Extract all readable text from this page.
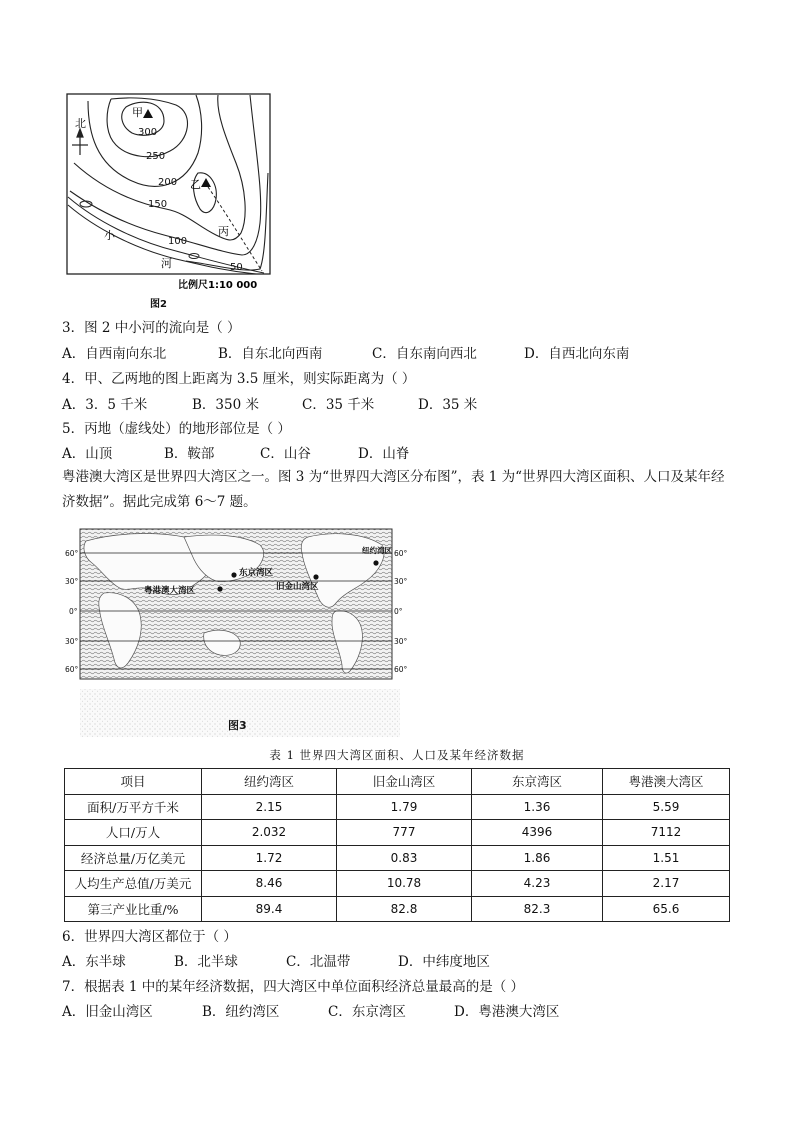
北
甲
乙
丙
小
河
300
250
200
150
100
50
比例尺1:10 000
图2
3．图 2 中小河的流向是（ ）
A．自西南向东北	B．自东北向西南	C．自东南向西北	D．自西北向东南
4．甲、乙两地的图上距离为 3.5 厘米，则实际距离为（ ）
A．3．5 千米	B．350 米	C．35 千米	D．35 米
5．丙地（虚线处）的地形部位是（ ）
A．山顶	B．鞍部	C．山谷	D．山脊
粤港澳大湾区是世界四大湾区之一。图 3 为“世界四大湾区分布图”，表 1 为“世界四大湾区面积、人口及某年经济数据”。据此完成第 6～7 题。
60°
30°
0°
30°
60°
60°
30°
0°
30°
60°
粤港澳大湾区
东京湾区
旧金山湾区
纽约湾区
图3
表 1 世界四大湾区面积、人口及某年经济数据
项目	纽约湾区	旧金山湾区	东京湾区	粤港澳大湾区
面积/万平方千米	2.15	1.79	1.36	5.59
人口/万人	2.032	777	4396	7112
经济总量/万亿美元	1.72	0.83	1.86	1.51
人均生产总值/万美元	8.46	10.78	4.23	2.17
第三产业比重/%	89.4	82.8	82.3	65.6
6．世界四大湾区都位于（ ）
A．东半球	B．北半球	C．北温带	D．中纬度地区
7．根据表 1 中的某年经济数据，四大湾区中单位面积经济总量最高的是（ ）
A．旧金山湾区	B．纽约湾区	C．东京湾区	D．粤港澳大湾区
